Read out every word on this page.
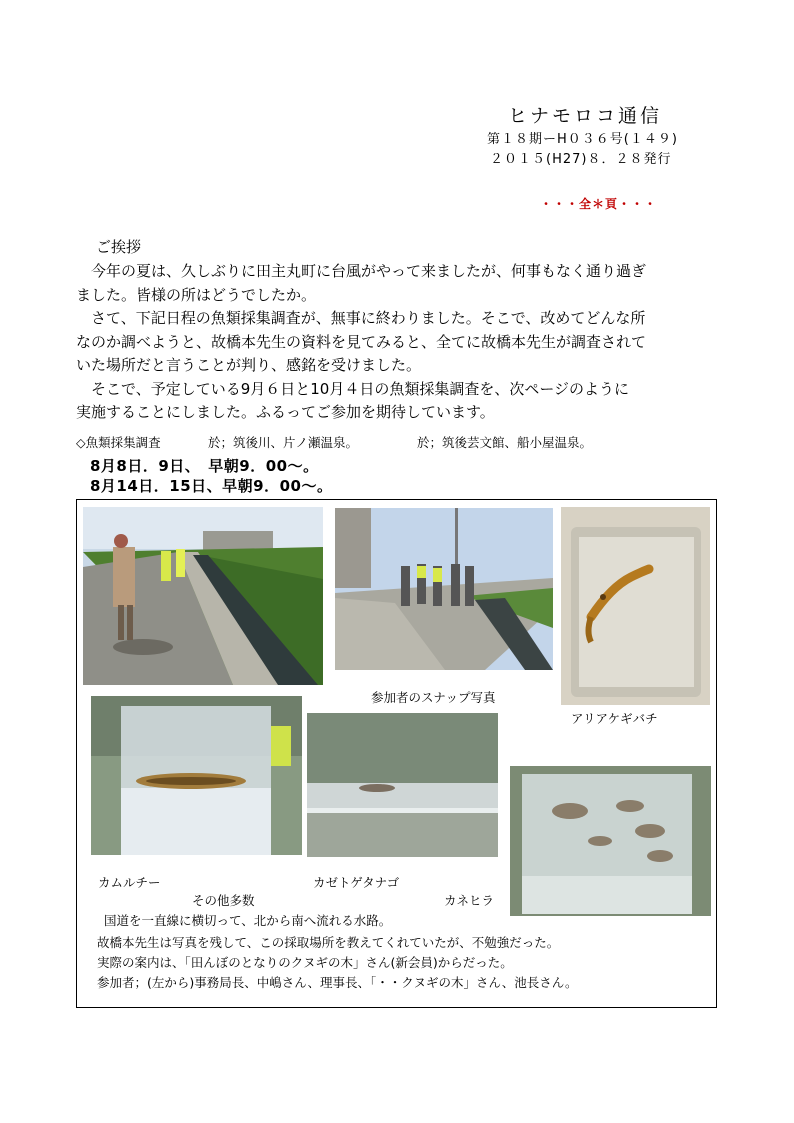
ヒナモロコ通信
第１８期ーH０３６号(１４９)
２０１５(H27)８．２８発行
・・・全＊頁・・・
ご挨拶

　今年の夏は、久しぶりに田主丸町に台風がやって来ましたが、何事もなく通り過ぎ

ました。皆様の所はどうでしたか。

　さて、下記日程の魚類採集調査が、無事に終わりました。そこで、改めてどんな所

なのか調べようと、故橋本先生の資料を見てみると、全てに故橋本先生が調査されて

いた場所だと言うことが判り、感銘を受けました。

　そこで、予定している9月６日と10月４日の魚類採集調査を、次ページのように

実施することにしました。ふるってご参加を期待しています。

◇魚類採集調査	於；筑後川、片ノ瀬温泉。	於；筑後芸文館、船小屋温泉。
8月8日．9日、　早朝9．00～。
8月14日．15日、早朝9．00～。
参加者のスナップ写真
アリアケギバチ
カムルチー	カゼトゲタナゴ
その他多数	カネヒラ
国道を一直線に横切って、北から南へ流れる水路。
故橋本先生は写真を残して、この採取場所を教えてくれていたが、不勉強だった。
実際の案内は、「田んぼのとなりのクヌギの木」さん(新会員)からだった。
参加者；(左から)事務局長、中嶋さん、理事長、「・・クヌギの木」さん、池長さん。
